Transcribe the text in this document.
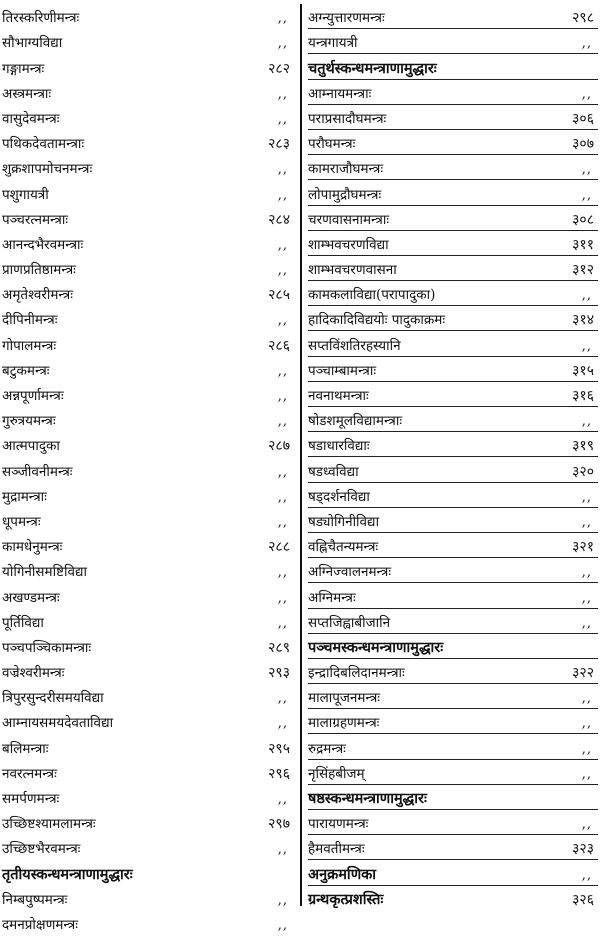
तिरस्करिणीमन्त्रः	,,
सौभाग्यविद्या	,,
गङ्गामन्त्रः	२८२
अस्त्रमन्त्राः	,,
वासुदेवमन्त्रः	,,
पथिकदेवतामन्त्राः	२८३
शुक्रशापमोचनमन्त्रः	,,
पशुगायत्री	,,
पञ्चरत्नमन्त्राः	२८४
आनन्दभैरवमन्त्राः	,,
प्राणप्रतिष्ठामन्त्रः	,,
अमृतेश्वरीमन्त्रः	२८५
दीपिनीमन्त्रः	,,
गोपालमन्त्रः	२८६
बटुकमन्त्रः	,,
अन्नपूर्णामन्त्रः	,,
गुरुत्रयमन्त्रः	,,
आत्मपादुका	२८७
सञ्जीवनीमन्त्रः	,,
मुद्रामन्त्राः	,,
धूपमन्त्रः	,,
कामधेनुमन्त्रः	२८८
योगिनीसमष्टिविद्या	,,
अखण्डमन्त्रः	,,
पूर्तिविद्या	,,
पञ्चपञ्चिकामन्त्राः	२८९
वज्रेश्वरीमन्त्रः	२९३
त्रिपुरसुन्दरीसमयविद्या	,,
आम्नायसमयदेवताविद्या	,,
बलिमन्त्राः	२९५
नवरत्नमन्त्रः	२९६
समर्पणमन्त्रः	,,
उच्छिष्टश्यामलामन्त्रः	२९७
उच्छिष्टभैरवमन्त्रः	,,
तृतीयस्कन्धमन्त्राणामुद्धारः
निम्बपुष्पमन्त्रः	,,
दमनप्रोक्षणमन्त्रः	,,
अग्न्युत्तारणमन्त्रः	२९८
यन्त्रगायत्री	,,
चतुर्थस्कन्धमन्त्राणामुद्धारः
आम्नायमन्त्राः	,,
पराप्रसादौघमन्त्रः	३०६
परौघमन्त्रः	३०७
कामराजौघमन्त्रः	,,
लोपामुद्रौघमन्त्रः	,,
चरणवासनामन्त्राः	३०८
शाम्भवचरणविद्या	३११
शाम्भवचरणवासना	३१२
कामकलाविद्या(परापादुका)	,,
हादिकादिविद्ययोः पादुकाक्रमः	३१४
सप्तविंशतिरहस्यानि	,,
पञ्चाम्बामन्त्राः	३१५
नवनाथमन्त्राः	३१६
षोडशमूलविद्यामन्त्राः	,,
षडाधारविद्याः	३१९
षडध्वविद्या	३२०
षड्दर्शनविद्या	,,
षड्योगिनीविद्या	,,
वह्निचैतन्यमन्त्रः	३२१
अग्निज्वालनमन्त्रः	,,
अग्निमन्त्रः	,,
सप्तजिह्वाबीजानि	,,
पञ्चमस्कन्धमन्त्राणामुद्धारः
इन्द्रादिबलिदानमन्त्राः	३२२
मालापूजनमन्त्रः	,,
मालाग्रहणमन्त्रः	,,
रुद्रमन्त्रः	,,
नृसिंहबीजम्	,,
षष्ठस्कन्धमन्त्राणामुद्धारः
पारायणमन्त्रः	,,
हैमवतीमन्त्रः	३२३
अनुक्रमणिका	,,
ग्रन्थकृत्प्रशस्तिः	३२६
